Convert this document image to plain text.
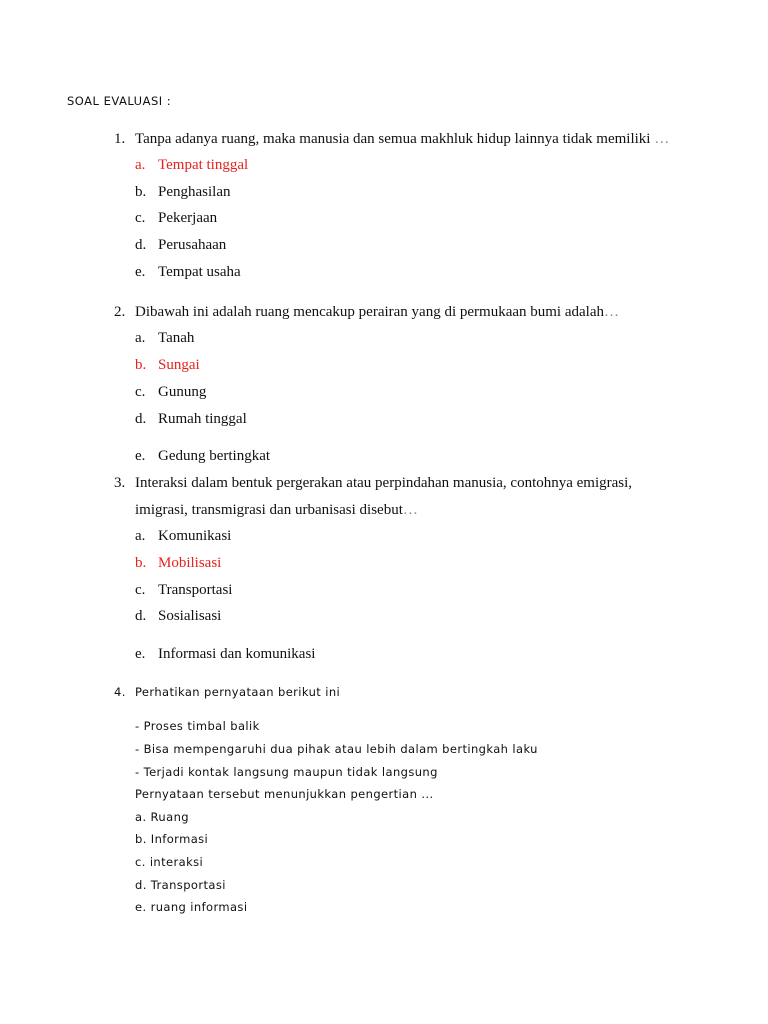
SOAL EVALUASI :
1. Tanpa adanya ruang, maka manusia dan semua makhluk hidup lainnya tidak memiliki …
a. Tempat tinggal
b. Penghasilan
c. Pekerjaan
d. Perusahaan
e. Tempat usaha
2. Dibawah ini adalah ruang mencakup perairan yang di permukaan bumi adalah…
a. Tanah
b. Sungai
c. Gunung
d. Rumah tinggal
e. Gedung bertingkat
3. Interaksi dalam bentuk pergerakan atau perpindahan manusia, contohnya emigrasi,
imigrasi, transmigrasi dan urbanisasi disebut…
a. Komunikasi
b. Mobilisasi
c. Transportasi
d. Sosialisasi
e. Informasi dan komunikasi
4. Perhatikan pernyataan berikut ini
- Proses timbal balik
- Bisa mempengaruhi dua pihak atau lebih dalam bertingkah laku
- Terjadi kontak langsung maupun tidak langsung
Pernyataan tersebut menunjukkan pengertian ...
a. Ruang
b. Informasi
c. interaksi
d. Transportasi
e. ruang informasi
